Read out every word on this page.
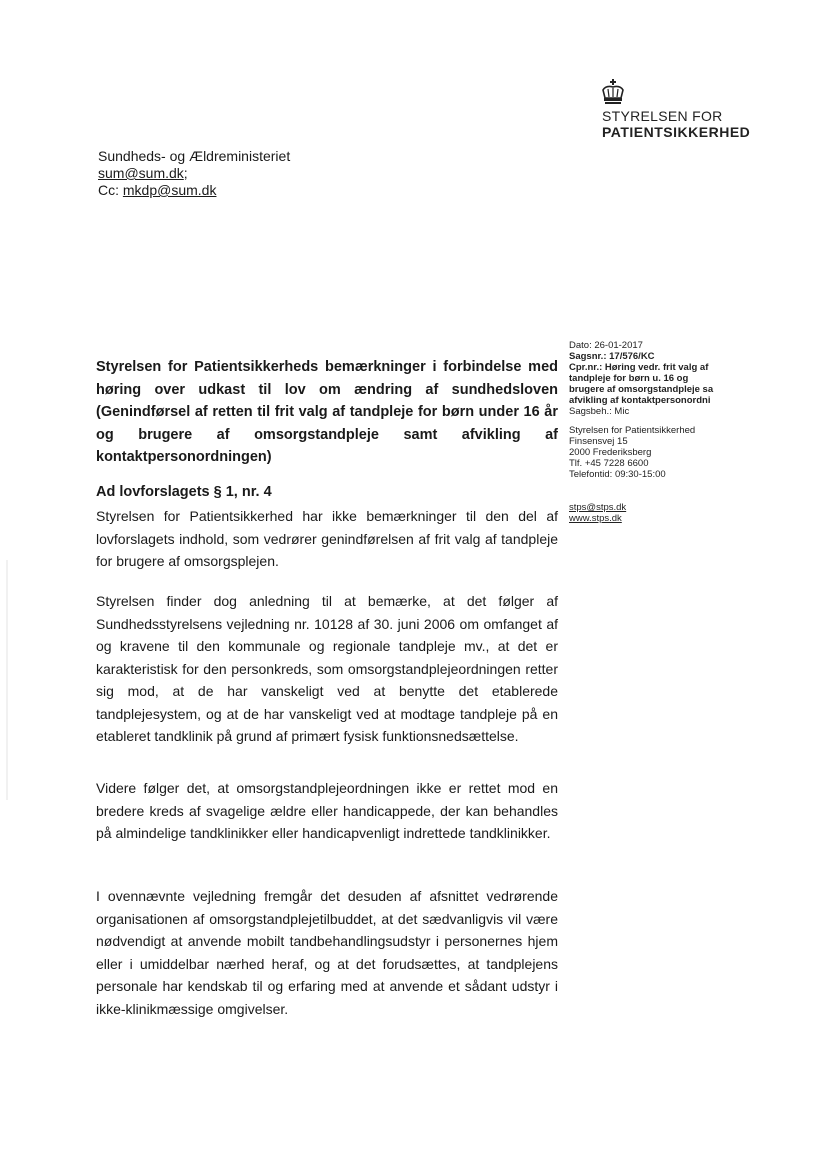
STYRELSEN FOR
PATIENTSIKKERHED
Sundheds- og Ældreministeriet
sum@sum.dk;
Cc: mkdp@sum.dk
Dato: 26-01-2017
Sagsnr.: 17/576/KC
Cpr.nr.: Høring vedr. frit valg af
tandpleje for børn u. 16 og
brugere af omsorgstandpleje sa
afvikling af kontaktpersonordni
Sagsbeh.: Mic
Styrelsen for Patientsikkerhed
Finsensvej 15
2000 Frederiksberg
Tlf. +45 7228 6600
Telefontid: 09:30-15:00
stps@stps.dk
www.stps.dk
Styrelsen for Patientsikkerheds bemærkninger i forbindelse med høring over udkast til lov om ændring af sundhedsloven (Genindførsel af retten til frit valg af tandpleje for børn under 16 år og brugere af omsorgstandpleje samt afvikling af kontaktpersonordningen)
Ad lovforslagets § 1, nr. 4
Styrelsen for Patientsikkerhed har ikke bemærkninger til den del af lovforslagets indhold, som vedrører genindførelsen af frit valg af tandpleje for brugere af omsorgsplejen.
Styrelsen finder dog anledning til at bemærke, at det følger af Sundhedsstyrelsens vejledning nr. 10128 af 30. juni 2006 om omfanget af og kravene til den kommunale og regionale tandpleje mv., at det er karakteristisk for den personkreds, som omsorgstandplejeordningen retter sig mod, at de har vanskeligt ved at benytte det etablerede tandplejesystem, og at de har vanskeligt ved at modtage tandpleje på en etableret tandklinik på grund af primært fysisk funktionsnedsættelse.
Videre følger det, at omsorgstandplejeordningen ikke er rettet mod en bredere kreds af svagelige ældre eller handicappede, der kan behandles på almindelige tandklinikker eller handicapvenligt indrettede tandklinikker.
I ovennævnte vejledning fremgår det desuden af afsnittet vedrørende organisationen af omsorgstandplejetilbuddet, at det sædvanligvis vil være nødvendigt at anvende mobilt tandbehandlingsudstyr i personernes hjem eller i umiddelbar nærhed heraf, og at det forudsættes, at tandplejens personale har kendskab til og erfaring med at anvende et sådant udstyr i ikke-klinikmæssige omgivelser.
